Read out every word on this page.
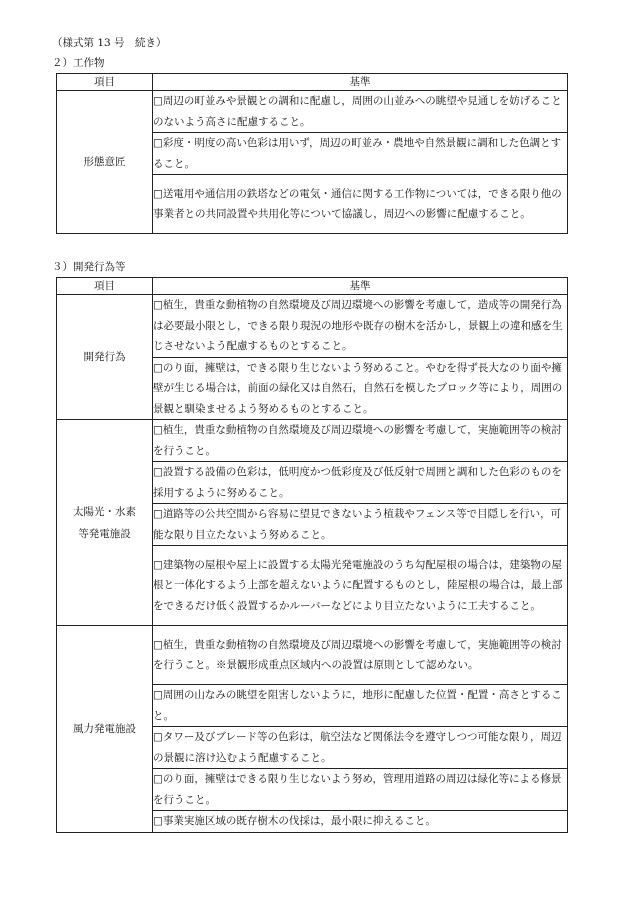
（様式第 13 号　続き）
２）工作物
項目	基準
形態意匠	□周辺の町並みや景観との調和に配慮し，周囲の山並みへの眺望や見通しを妨げることのないよう高さに配慮すること。
	□彩度・明度の高い色彩は用いず，周辺の町並み・農地や自然景観に調和した色調とすること。
	□送電用や通信用の鉄塔などの電気・通信に関する工作物については，できる限り他の事業者との共同設置や共用化等について協議し，周辺への影響に配慮すること。
３）開発行為等
項目	基準
開発行為	□植生，貴重な動植物の自然環境及び周辺環境への影響を考慮して，造成等の開発行為は必要最小限とし，できる限り現況の地形や既存の樹木を活かし，景観上の違和感を生じさせないよう配慮するものとすること。
	□のり面，擁壁は，できる限り生じないよう努めること。やむを得ず長大なのり面や擁壁が生じる場合は，前面の緑化又は自然石，自然石を模したブロック等により，周囲の景観と馴染ませるよう努めるものとすること。
太陽光・水素
等発電施設	□植生，貴重な動植物の自然環境及び周辺環境への影響を考慮して，実施範囲等の検討を行うこと。
	□設置する設備の色彩は，低明度かつ低彩度及び低反射で周囲と調和した色彩のものを採用するように努めること。
	□道路等の公共空間から容易に望見できないよう植栽やフェンス等で目隠しを行い，可能な限り目立たないよう努めること。
	□建築物の屋根や屋上に設置する太陽光発電施設のうち勾配屋根の場合は，建築物の屋根と一体化するよう上部を超えないように配置するものとし，陸屋根の場合は，最上部をできるだけ低く設置するかルーバーなどにより目立たないように工夫すること。
風力発電施設	□植生，貴重な動植物の自然環境及び周辺環境への影響を考慮して，実施範囲等の検討を行うこと。※景観形成重点区域内への設置は原則として認めない。
	□周囲の山なみの眺望を阻害しないように，地形に配慮した位置・配置・高さとすること。
	□タワー及びブレード等の色彩は，航空法など関係法令を遵守しつつ可能な限り，周辺の景観に溶け込むよう配慮すること。
	□のり面，擁壁はできる限り生じないよう努め，管理用道路の周辺は緑化等による修景を行うこと。
	□事業実施区域の既存樹木の伐採は，最小限に抑えること。
